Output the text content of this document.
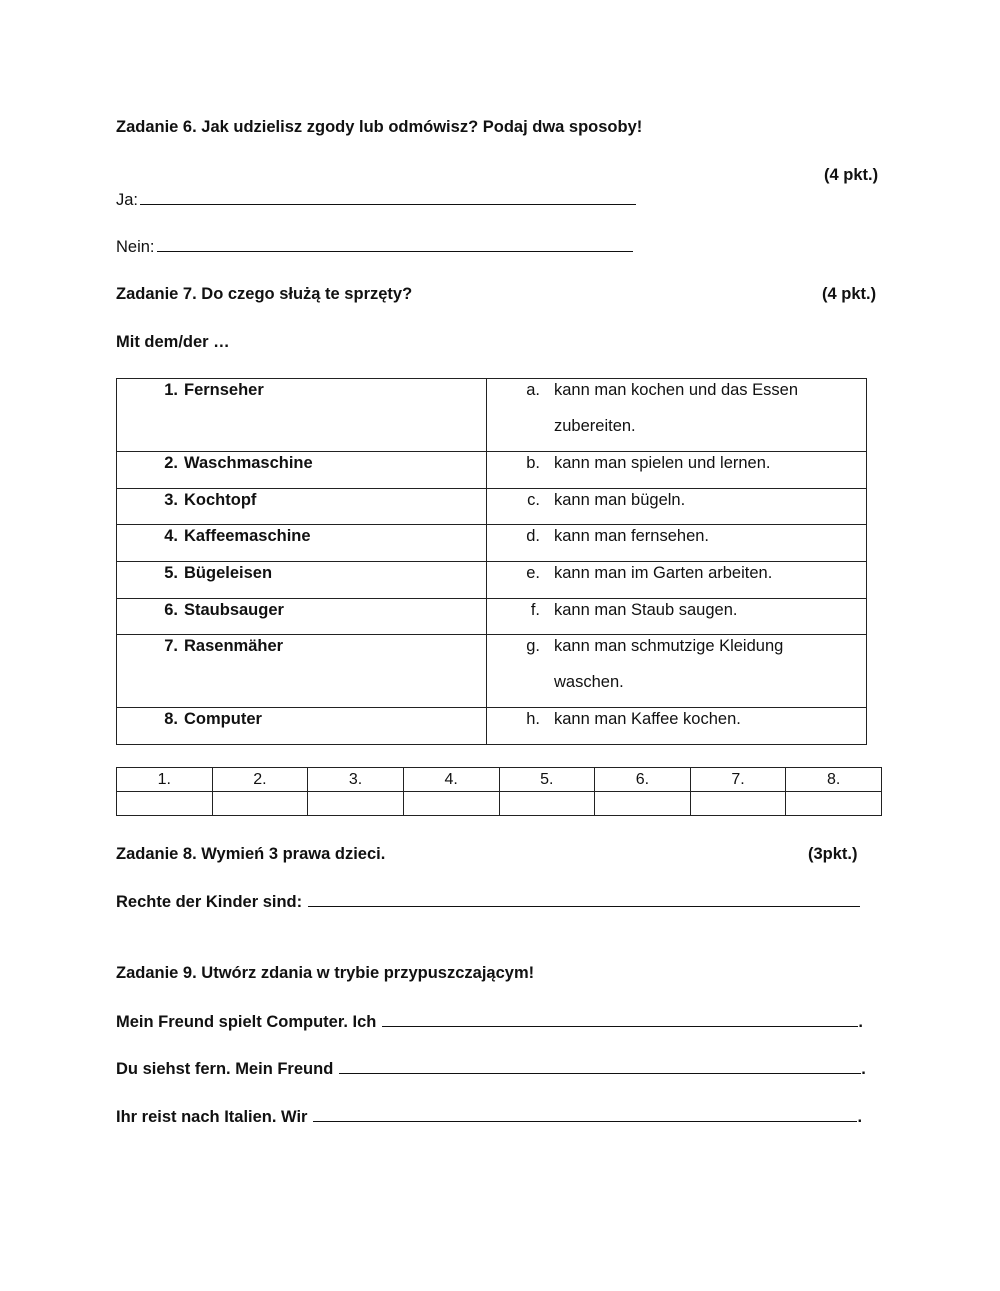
Zadanie 6. Jak udzielisz zgody lub odmówisz? Podaj dwa sposoby!
(4 pkt.)
Ja:
Nein:
Zadanie 7. Do czego służą te sprzęty?	(4 pkt.)
Mit dem/der …
1. Fernseher	a. kann man kochen und das Essen zubereiten.

2. Waschmaschine	b. kann man spielen und lernen.

3. Kochtopf	c. kann man bügeln.

4. Kaffeemaschine	d. kann man fernsehen.

5. Bügeleisen	e. kann man im Garten arbeiten.

6. Staubsauger	f. kann man Staub saugen.

7. Rasenmäher	g. kann man schmutzige Kleidung waschen.

8. Computer	h. kann man Kaffee kochen.
1.	2.	3.	4.	5.	6.	7.	8.

Zadanie 8. Wymień 3 prawa dzieci.	(3pkt.)
Rechte der Kinder sind:
Zadanie 9. Utwórz zdania w trybie przypuszczającym!
Mein Freund spielt Computer. Ich	.
Du siehst fern. Mein Freund	.
Ihr reist nach Italien. Wir	.
